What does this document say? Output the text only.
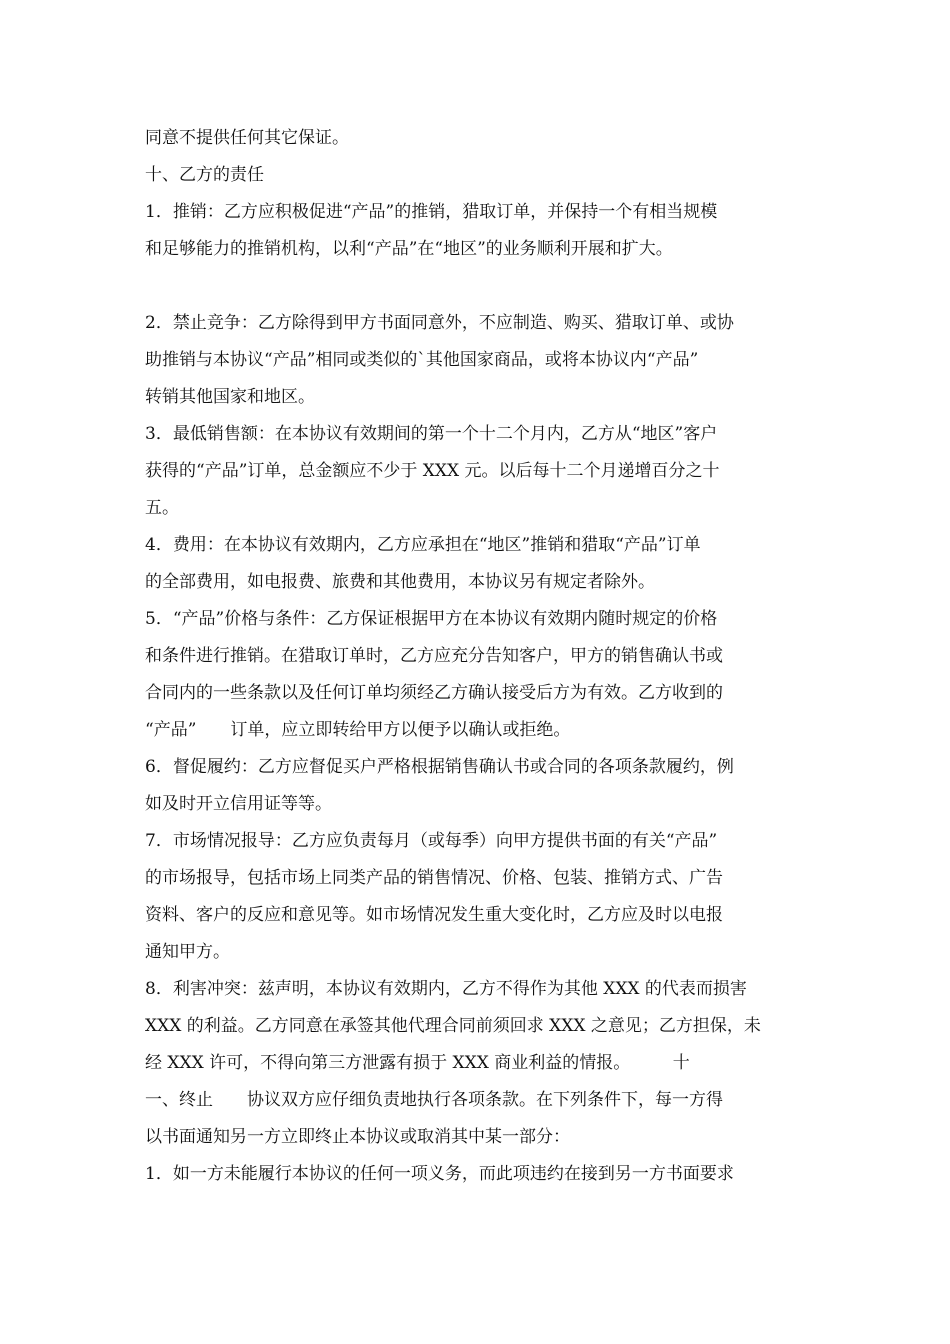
同意不提供任何其它保证。
十、乙方的责任
1．推销：乙方应积极促进“产品”的推销，猎取订单，并保持一个有相当规模
和足够能力的推销机构，以利“产品”在“地区”的业务顺利开展和扩大。
2．禁止竞争：乙方除得到甲方书面同意外，不应制造、购买、猎取订单、或协
助推销与本协议“产品”相同或类似的`其他国家商品，或将本协议内“产品”
转销其他国家和地区。
3．最低销售额：在本协议有效期间的第一个十二个月内，乙方从“地区”客户
获得的“产品”订单，总金额应不少于 XXX 元。以后每十二个月递增百分之十
五。
4．费用：在本协议有效期内，乙方应承担在“地区”推销和猎取“产品”订单
的全部费用，如电报费、旅费和其他费用，本协议另有规定者除外。
5．“产品”价格与条件：乙方保证根据甲方在本协议有效期内随时规定的价格
和条件进行推销。在猎取订单时，乙方应充分告知客户，甲方的销售确认书或
合同内的一些条款以及任何订单均须经乙方确认接受后方为有效。乙方收到的
“产品”　　订单，应立即转给甲方以便予以确认或拒绝。
6．督促履约：乙方应督促买户严格根据销售确认书或合同的各项条款履约，例
如及时开立信用证等等。
7．市场情况报导：乙方应负责每月（或每季）向甲方提供书面的有关“产品”
的市场报导，包括市场上同类产品的销售情况、价格、包装、推销方式、广告
资料、客户的反应和意见等。如市场情况发生重大变化时，乙方应及时以电报
通知甲方。
8．利害冲突：兹声明，本协议有效期内，乙方不得作为其他 XXX 的代表而损害
XXX 的利益。乙方同意在承签其他代理合同前须回求 XXX 之意见；乙方担保，未
经 XXX 许可，不得向第三方泄露有损于 XXX 商业利益的情报。　　　十
一、终止　　协议双方应仔细负责地执行各项条款。在下列条件下，每一方得
以书面通知另一方立即终止本协议或取消其中某一部分：
1．如一方未能履行本协议的任何一项义务，而此项违约在接到另一方书面要求
